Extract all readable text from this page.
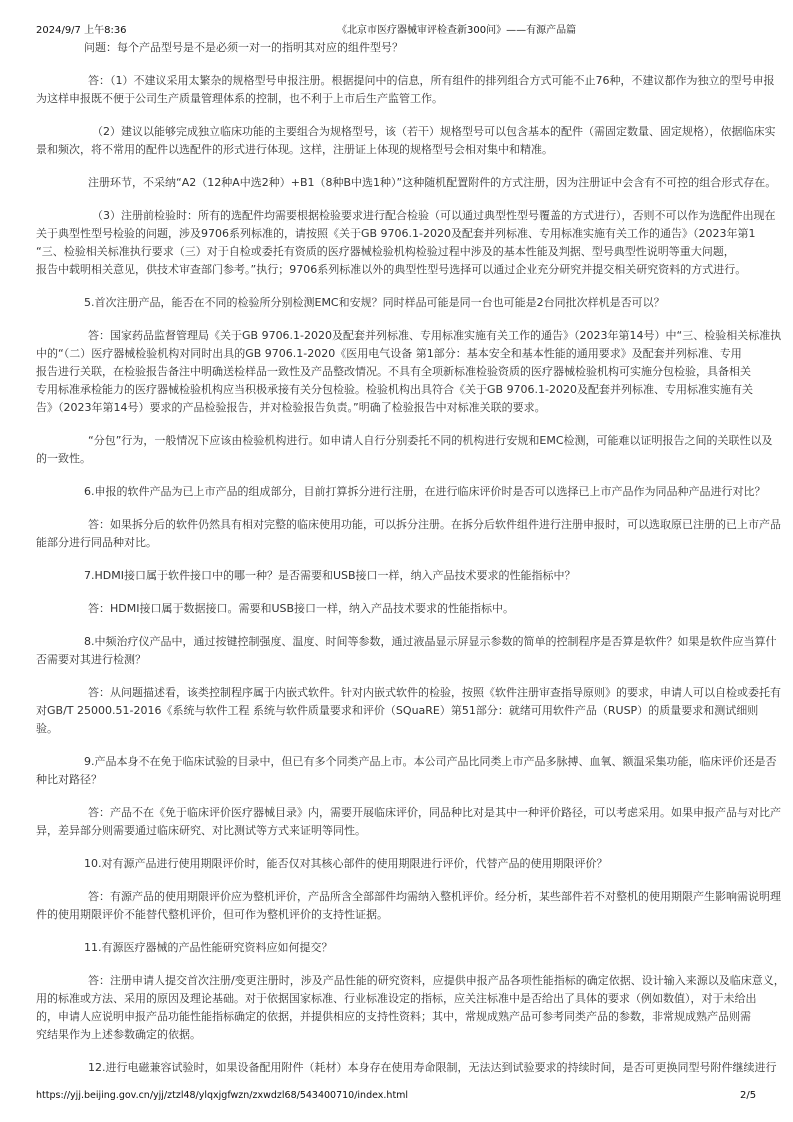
2024/9/7 上午8:36	《北京市医疗器械审评检查新300问》——有源产品篇
问题：每个产品型号是不是必须一对一的指明其对应的组件型号？
答：（1）不建议采用太繁杂的规格型号申报注册。根据提问中的信息，所有组件的排列组合方式可能不止76种，不建议都作为独立的型号申报
为这样申报既不便于公司生产质量管理体系的控制，也不利于上市后生产监管工作。
（2）建议以能够完成独立临床功能的主要组合为规格型号，该（若干）规格型号可以包含基本的配件（需固定数量、固定规格），依据临床实
景和频次，将不常用的配件以选配件的形式进行体现。这样，注册证上体现的规格型号会相对集中和精准。
注册环节，不采纳“A2（12种A中选2种）+B1（8种B中选1种）”这种随机配置附件的方式注册，因为注册证中会含有不可控的组合形式存在。
（3）注册前检验时：所有的选配件均需要根据检验要求进行配合检验（可以通过典型性型号覆盖的方式进行），否则不可以作为选配件出现在
关于典型性型号检验的问题，涉及9706系列标准的，请按照《关于GB 9706.1-2020及配套并列标准、专用标准实施有关工作的通告》（2023年第1
“三、检验相关标准执行要求（三）对于自检或委托有资质的医疗器械检验机构检验过程中涉及的基本性能及判据、型号典型性说明等重大问题，
报告中载明相关意见，供技术审查部门参考。”执行；9706系列标准以外的典型性型号选择可以通过企业充分研究并提交相关研究资料的方式进行。
5.首次注册产品，能否在不同的检验所分别检测EMC和安规？同时样品可能是同一台也可能是2台同批次样机是否可以？
答：国家药品监督管理局《关于GB 9706.1-2020及配套并列标准、专用标准实施有关工作的通告》（2023年第14号）中“三、检验相关标准执
中的“（二）医疗器械检验机构对同时出具的GB 9706.1-2020《医用电气设备 第1部分：基本安全和基本性能的通用要求》及配套并列标准、专用
报告进行关联，在检验报告备注中明确送检样品一致性及产品整改情况。不具有全项新标准检验资质的医疗器械检验机构可实施分包检验，具备相关
专用标准承检能力的医疗器械检验机构应当积极承接有关分包检验。检验机构出具符合《关于GB 9706.1-2020及配套并列标准、专用标准实施有关
告》（2023年第14号）要求的产品检验报告，并对检验报告负责。”明确了检验报告中对标准关联的要求。
“分包”行为，一般情况下应该由检验机构进行。如申请人自行分别委托不同的机构进行安规和EMC检测，可能难以证明报告之间的关联性以及
的一致性。
6.申报的软件产品为已上市产品的组成部分，目前打算拆分进行注册，在进行临床评价时是否可以选择已上市产品作为同品种产品进行对比？
答：如果拆分后的软件仍然具有相对完整的临床使用功能，可以拆分注册。在拆分后软件组件进行注册申报时，可以选取原已注册的已上市产品
能部分进行同品种对比。
7.HDMI接口属于软件接口中的哪一种？是否需要和USB接口一样，纳入产品技术要求的性能指标中？
答：HDMI接口属于数据接口。需要和USB接口一样，纳入产品技术要求的性能指标中。
8.中频治疗仪产品中，通过按键控制强度、温度、时间等参数，通过液晶显示屏显示参数的简单的控制程序是否算是软件？如果是软件应当算什
否需要对其进行检测？
答：从问题描述看，该类控制程序属于内嵌式软件。针对内嵌式软件的检验，按照《软件注册审查指导原则》的要求，申请人可以自检或委托有
对GB/T 25000.51-2016《系统与软件工程 系统与软件质量要求和评价（SQuaRE）第51部分：就绪可用软件产品（RUSP）的质量要求和测试细则
验。
9.产品本身不在免于临床试验的目录中，但已有多个同类产品上市。本公司产品比同类上市产品多脉搏、血氧、额温采集功能，临床评价还是否
种比对路径？
答：产品不在《免于临床评价医疗器械目录》内，需要开展临床评价，同品种比对是其中一种评价路径，可以考虑采用。如果申报产品与对比产
异，差异部分则需要通过临床研究、对比测试等方式来证明等同性。
10.对有源产品进行使用期限评价时，能否仅对其核心部件的使用期限进行评价，代替产品的使用期限评价？
答：有源产品的使用期限评价应为整机评价，产品所含全部部件均需纳入整机评价。经分析，某些部件若不对整机的使用期限产生影响需说明理
件的使用期限评价不能替代整机评价，但可作为整机评价的支持性证据。
11.有源医疗器械的产品性能研究资料应如何提交？
答：注册申请人提交首次注册/变更注册时，涉及产品性能的研究资料，应提供申报产品各项性能指标的确定依据、设计输入来源以及临床意义，
用的标准或方法、采用的原因及理论基础。对于依据国家标准、行业标准设定的指标，应关注标准中是否给出了具体的要求（例如数值），对于未给出
的，申请人应说明申报产品功能性能指标确定的依据，并提供相应的支持性资料；其中，常规成熟产品可参考同类产品的参数，非常规成熟产品则需
究结果作为上述参数确定的依据。
12.进行电磁兼容试验时，如果设备配用附件（耗材）本身存在使用寿命限制，无法达到试验要求的持续时间，是否可更换同型号附件继续进行
https://yjj.beijing.gov.cn/yjj/ztzl48/ylqxjgfwzn/zxwdzl68/543400710/index.html	2/5
